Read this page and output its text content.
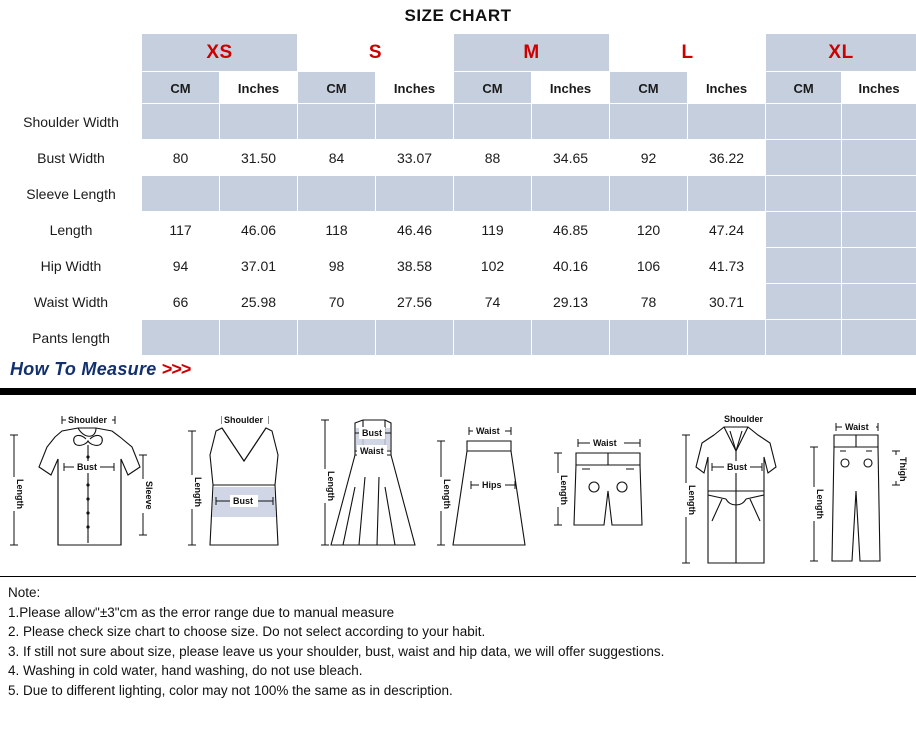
SIZE CHART
	XS		S		M		L		XL	
	CM	Inches	CM	Inches	CM	Inches	CM	Inches	CM	Inches
Shoulder Width										
Bust Width	80	31.50	84	33.07	88	34.65	92	36.22		
Sleeve Length										
Length	117	46.06	118	46.46	119	46.85	120	47.24		
Hip Width	94	37.01	98	38.58	102	40.16	106	41.73		
Waist Width	66	25.98	70	27.56	74	29.13	78	30.71		
Pants length										
How To Measure >>>
Shoulder
Bust
Length	Sleeve
Shoulder
Bust
Length
Bust
Waist
Length
Waist
Hips
Length
Waist
Length
Shoulder
Bust
Length
Waist
Length
Thigh
Note:
1.Please allow"±3"cm as the error range due to manual measure
2. Please check size chart to choose size. Do not select according to your habit.
3. If still not sure about size, please leave us your shoulder, bust, waist and hip data, we will offer suggestions.
4. Washing in cold water, hand washing, do not use bleach.
5. Due to different lighting, color may not 100% the same as in description.
